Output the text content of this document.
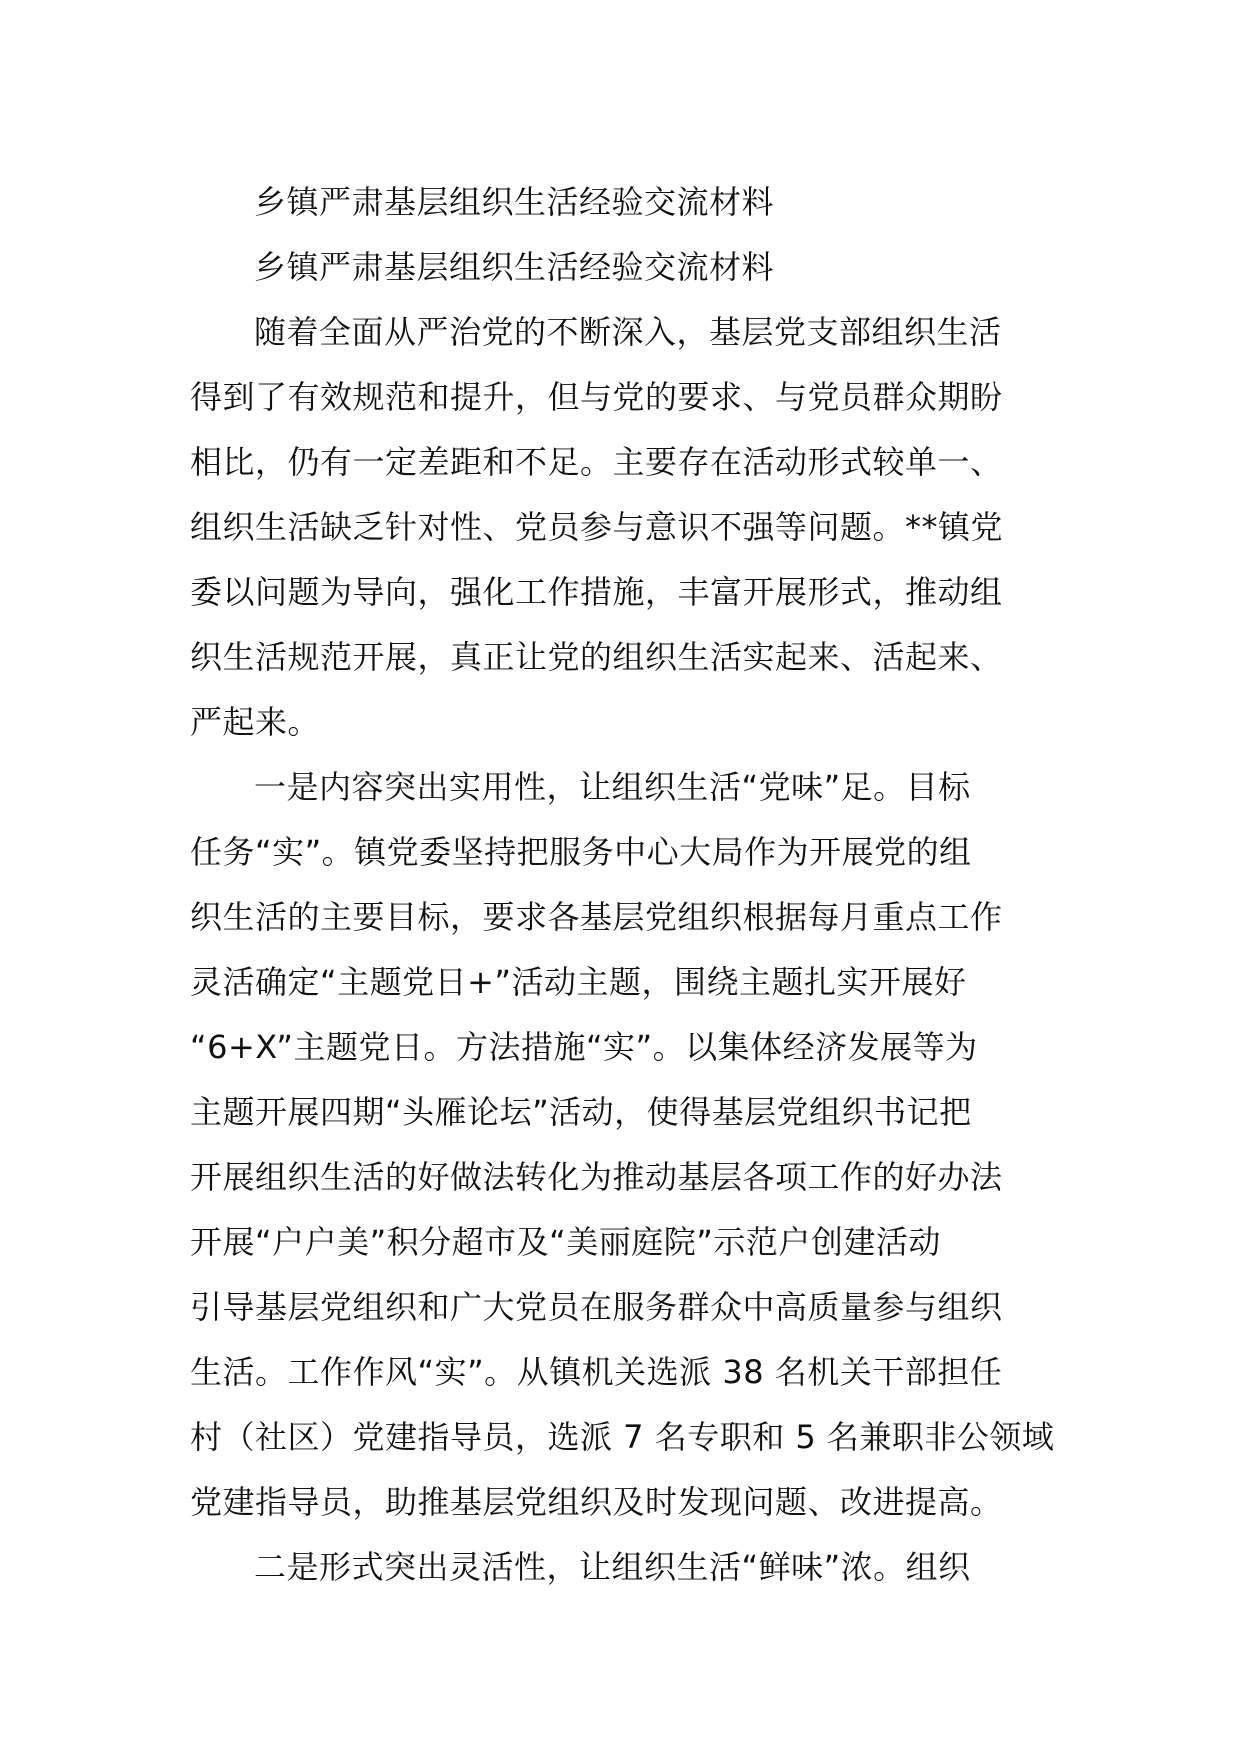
乡镇严肃基层组织生活经验交流材料
乡镇严肃基层组织生活经验交流材料
随着全面从严治党的不断深入，基层党支部组织生活
得到了有效规范和提升，但与党的要求、与党员群众期盼
相比，仍有一定差距和不足。主要存在活动形式较单一、
组织生活缺乏针对性、党员参与意识不强等问题。**镇党
委以问题为导向，强化工作措施，丰富开展形式，推动组
织生活规范开展，真正让党的组织生活实起来、活起来、
严起来。
一是内容突出实用性，让组织生活“党味”足。目标
任务“实”。镇党委坚持把服务中心大局作为开展党的组
织生活的主要目标，要求各基层党组织根据每月重点工作
灵活确定“主题党日+”活动主题，围绕主题扎实开展好
“6+X”主题党日。方法措施“实”。以集体经济发展等为
主题开展四期“头雁论坛”活动，使得基层党组织书记把
开展组织生活的好做法转化为推动基层各项工作的好办法
开展“户户美”积分超市及“美丽庭院”示范户创建活动
引导基层党组织和广大党员在服务群众中高质量参与组织
生活。工作作风“实”。从镇机关选派 38 名机关干部担任
村（社区）党建指导员，选派 7 名专职和 5 名兼职非公领域
党建指导员，助推基层党组织及时发现问题、改进提高。
二是形式突出灵活性，让组织生活“鲜味”浓。组织
